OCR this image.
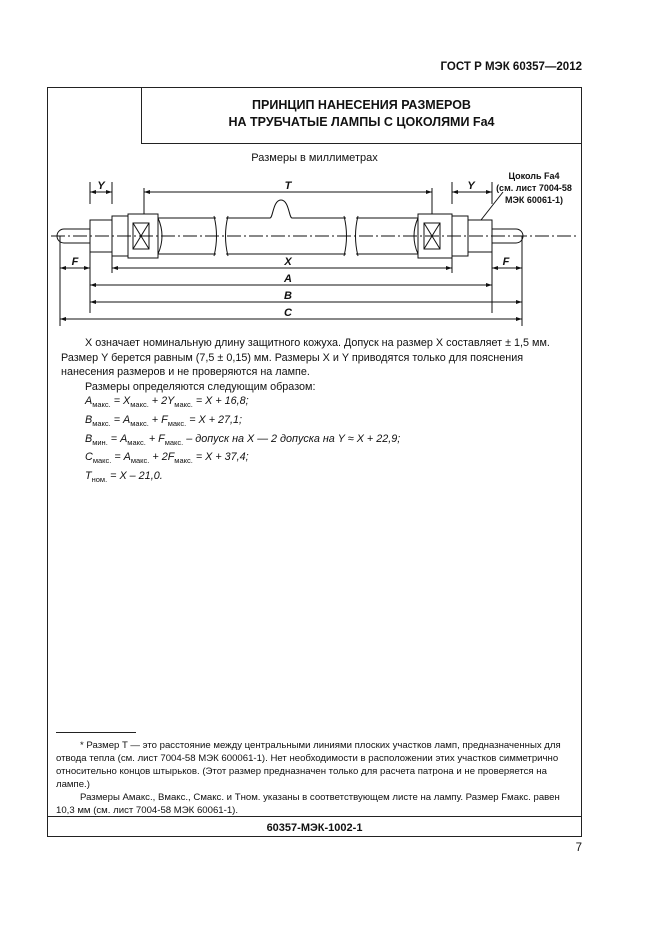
ГОСТ Р МЭК 60357—2012
ПРИНЦИП НАНЕСЕНИЯ РАЗМЕРОВ
НА ТРУБЧАТЫЕ ЛАМПЫ С ЦОКОЛЯМИ Fa4
Размеры в миллиметрах
Y	T	Y
F	X	F
A
B
C
Цоколь Fa4
(см. лист 7004-58
МЭК 60061-1)

X означает номинальную длину защитного кожуха. Допуск на размер X составляет ± 1,5 мм. Размер Y берется равным (7,5 ± 0,15) мм. Размеры X и Y приводятся только для пояснения нанесения размеров и не проверяются на лампе.

Размеры определяются следующим образом:

$A_{макс.} = X_{макс.} + 2Y_{макс.} = X + 16,8$;

$B_{макс.} = A_{макс.} + F_{макс.} = X + 27,1$;

$B_{мин.} = A_{макс.} + F_{макс.}$ – допуск на X — 2 допуска на Y ≈ X + 22,9;

$C_{макс.} = A_{макс.} + 2F_{макс.} = X + 37,4$;

$T_{ном.} = X - 21,0$.

* Размер T — это расстояние между центральными линиями плоских участков ламп, предназначенных для отвода тепла (см. лист 7004-58 МЭК 600061-1). Нет необходимости в расположении этих участков симметрично относительно концов штырьков. (Этот размер предназначен только для расчета патрона и не проверяется на лампе.)

Размеры Aмакс., Bмакс., Cмакс. и Tном. указаны в соответствующем листе на лампу. Размер Fмакс. равен 10,3 мм (см. лист 7004-58 МЭК 60061-1).

60357-МЭК-1002-1
7
